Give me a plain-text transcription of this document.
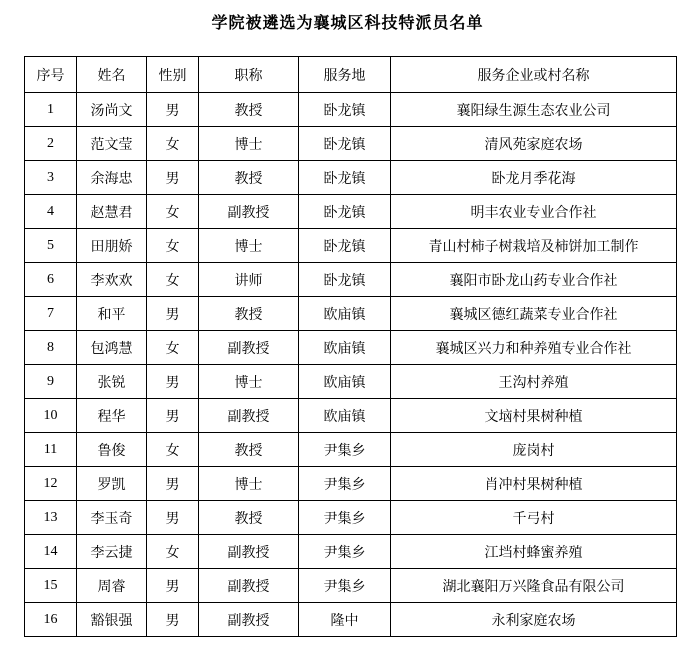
学院被遴选为襄城区科技特派员名单
序号	姓名	性别	职称	服务地	服务企业或村名称
1	汤尚文	男	教授	卧龙镇	襄阳绿生源生态农业公司
2	范文莹	女	博士	卧龙镇	清风苑家庭农场
3	余海忠	男	教授	卧龙镇	卧龙月季花海
4	赵慧君	女	副教授	卧龙镇	明丰农业专业合作社
5	田朋娇	女	博士	卧龙镇	青山村柿子树栽培及柿饼加工制作
6	李欢欢	女	讲师	卧龙镇	襄阳市卧龙山药专业合作社
7	和平	男	教授	欧庙镇	襄城区德红蔬菜专业合作社
8	包鸿慧	女	副教授	欧庙镇	襄城区兴力和种养殖专业合作社
9	张锐	男	博士	欧庙镇	王沟村养殖
10	程华	男	副教授	欧庙镇	文垴村果树种植
11	鲁俊	女	教授	尹集乡	庞岗村
12	罗凯	男	博士	尹集乡	肖冲村果树种植
13	李玉奇	男	教授	尹集乡	千弓村
14	李云捷	女	副教授	尹集乡	江垱村蜂蜜养殖
15	周睿	男	副教授	尹集乡	湖北襄阳万兴隆食品有限公司
16	豁银强	男	副教授	隆中	永利家庭农场
